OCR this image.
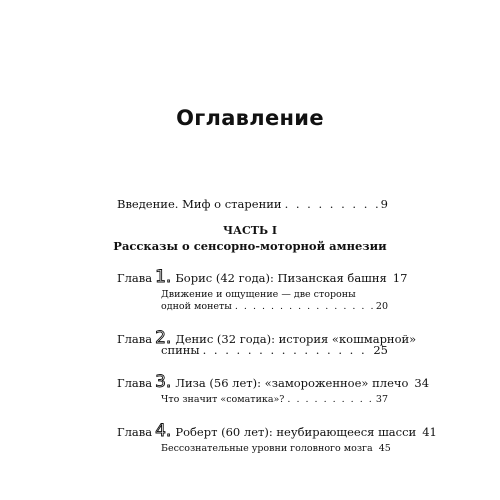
Оглавление
Введение. Миф о старении . . .	9
ЧАСТЬ I
Рассказы о сенсорно-моторной амнезии
Глава 1. Борис (42 года): Пизанская башня 17
Движение и ощущение — две стороны
одной монеты . . .	20
Глава 2. Денис (32 года): история «кошмарной»
спины . . .	25
Глава 3. Лиза (56 лет): «замороженное» плечо 34
Что значит «соматика»? . . .	37
Глава 4. Роберт (60 лет): неубирающееся шасси 41
Бессознательные уровни головного мозга 45
